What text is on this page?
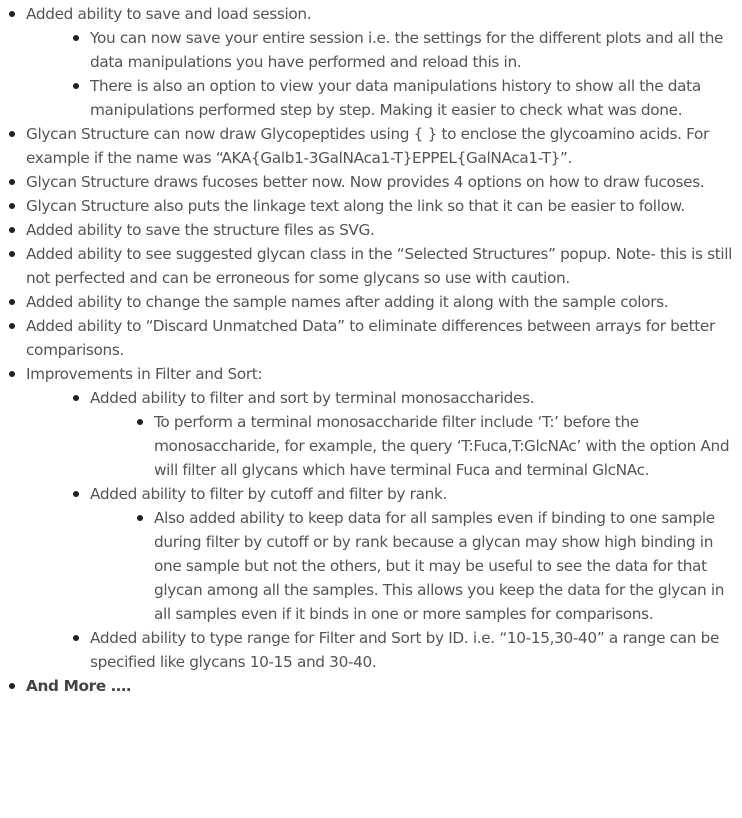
Added ability to save and load session.
You can now save your entire session i.e. the settings for the different plots and all the data manipulations you have performed and reload this in.
There is also an option to view your data manipulations history to show all the data manipulations performed step by step. Making it easier to check what was done.
Glycan Structure can now draw Glycopeptides using { } to enclose the glycoamino acids. For example if the name was “AKA{Galb1-3GalNAca1-T}EPPEL{GalNAca1-T}”.
Glycan Structure draws fucoses better now. Now provides 4 options on how to draw fucoses.
Glycan Structure also puts the linkage text along the link so that it can be easier to follow.
Added ability to save the structure files as SVG.
Added ability to see suggested glycan class in the “Selected Structures” popup. Note- this is still not perfected and can be erroneous for some glycans so use with caution.
Added ability to change the sample names after adding it along with the sample colors.
Added ability to “Discard Unmatched Data” to eliminate differences between arrays for better comparisons.
Improvements in Filter and Sort:
Added ability to filter and sort by terminal monosaccharides.
To perform a terminal monosaccharide filter include ‘T:’ before the monosaccharide, for example, the query ‘T:Fuca,T:GlcNAc’ with the option And will filter all glycans which have terminal Fuca and terminal GlcNAc.
Added ability to filter by cutoff and filter by rank.
Also added ability to keep data for all samples even if binding to one sample during filter by cutoff or by rank because a glycan may show high binding in one sample but not the others, but it may be useful to see the data for that glycan among all the samples. This allows you keep the data for the glycan in all samples even if it binds in one or more samples for comparisons.
Added ability to type range for Filter and Sort by ID. i.e. “10-15,30-40” a range can be specified like glycans 10-15 and 30-40.
And More ….
